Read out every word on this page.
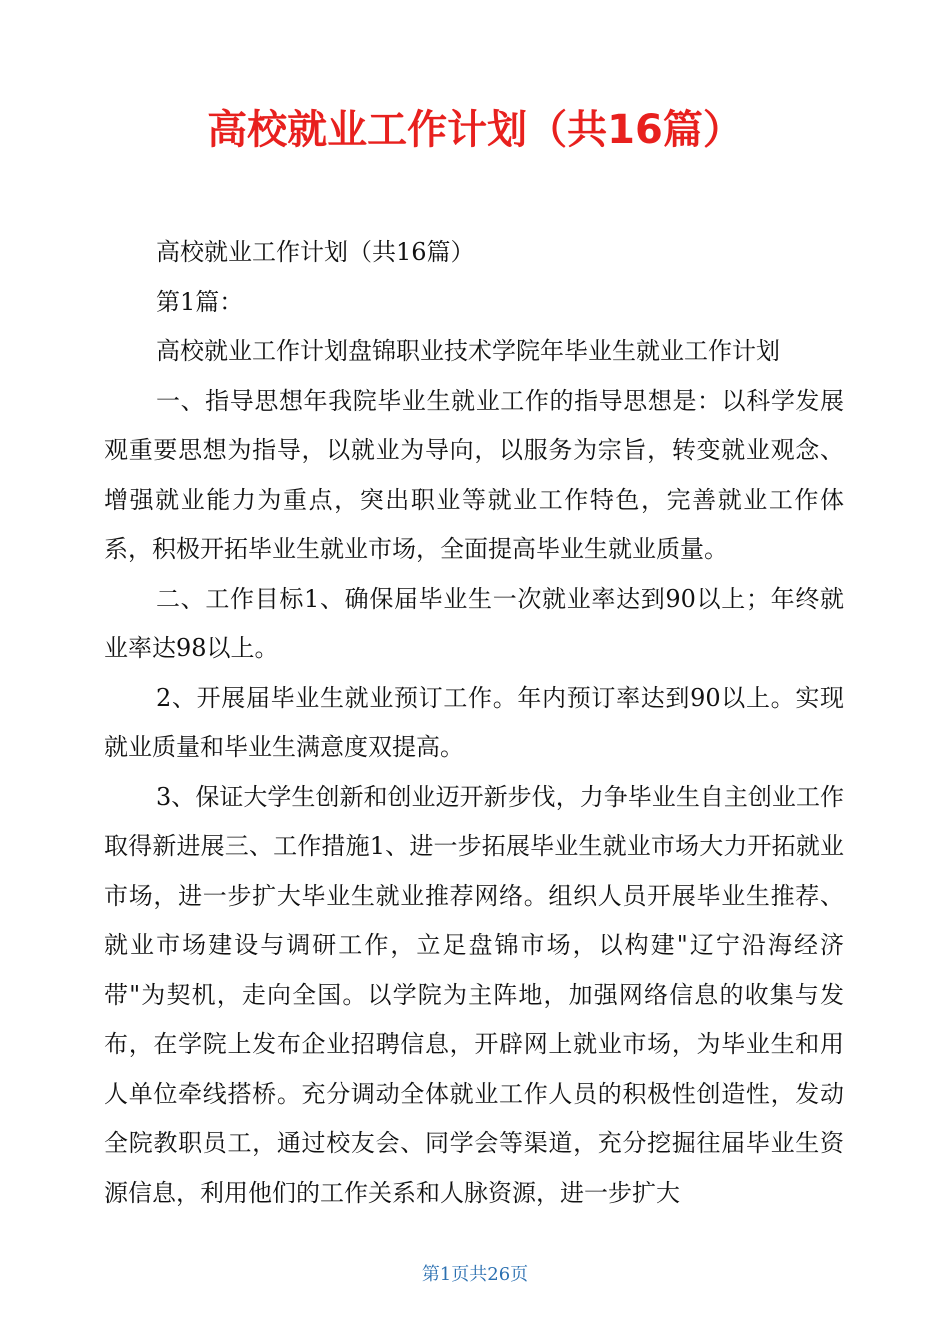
高校就业工作计划（共16篇）

高校就业工作计划（共16篇）

第1篇：

高校就业工作计划盘锦职业技术学院年毕业生就业工作计划

一、指导思想年我院毕业生就业工作的指导思想是：以科学发展观重要思想为指导，以就业为导向，以服务为宗旨，转变就业观念、增强就业能力为重点，突出职业等就业工作特色，完善就业工作体系，积极开拓毕业生就业市场，全面提高毕业生就业质量。

二、工作目标1、确保届毕业生一次就业率达到90以上；年终就业率达98以上。

2、开展届毕业生就业预订工作。年内预订率达到90以上。实现就业质量和毕业生满意度双提高。

3、保证大学生创新和创业迈开新步伐，力争毕业生自主创业工作取得新进展三、工作措施1、进一步拓展毕业生就业市场大力开拓就业市场，进一步扩大毕业生就业推荐网络。组织人员开展毕业生推荐、就业市场建设与调研工作，立足盘锦市场，以构建"辽宁沿海经济带"为契机，走向全国。以学院为主阵地，加强网络信息的收集与发布，在学院上发布企业招聘信息，开辟网上就业市场，为毕业生和用人单位牵线搭桥。充分调动全体就业工作人员的积极性创造性，发动全院教职员工，通过校友会、同学会等渠道，充分挖掘往届毕业生资源信息，利用他们的工作关系和人脉资源，进一步扩大

第1页共26页
